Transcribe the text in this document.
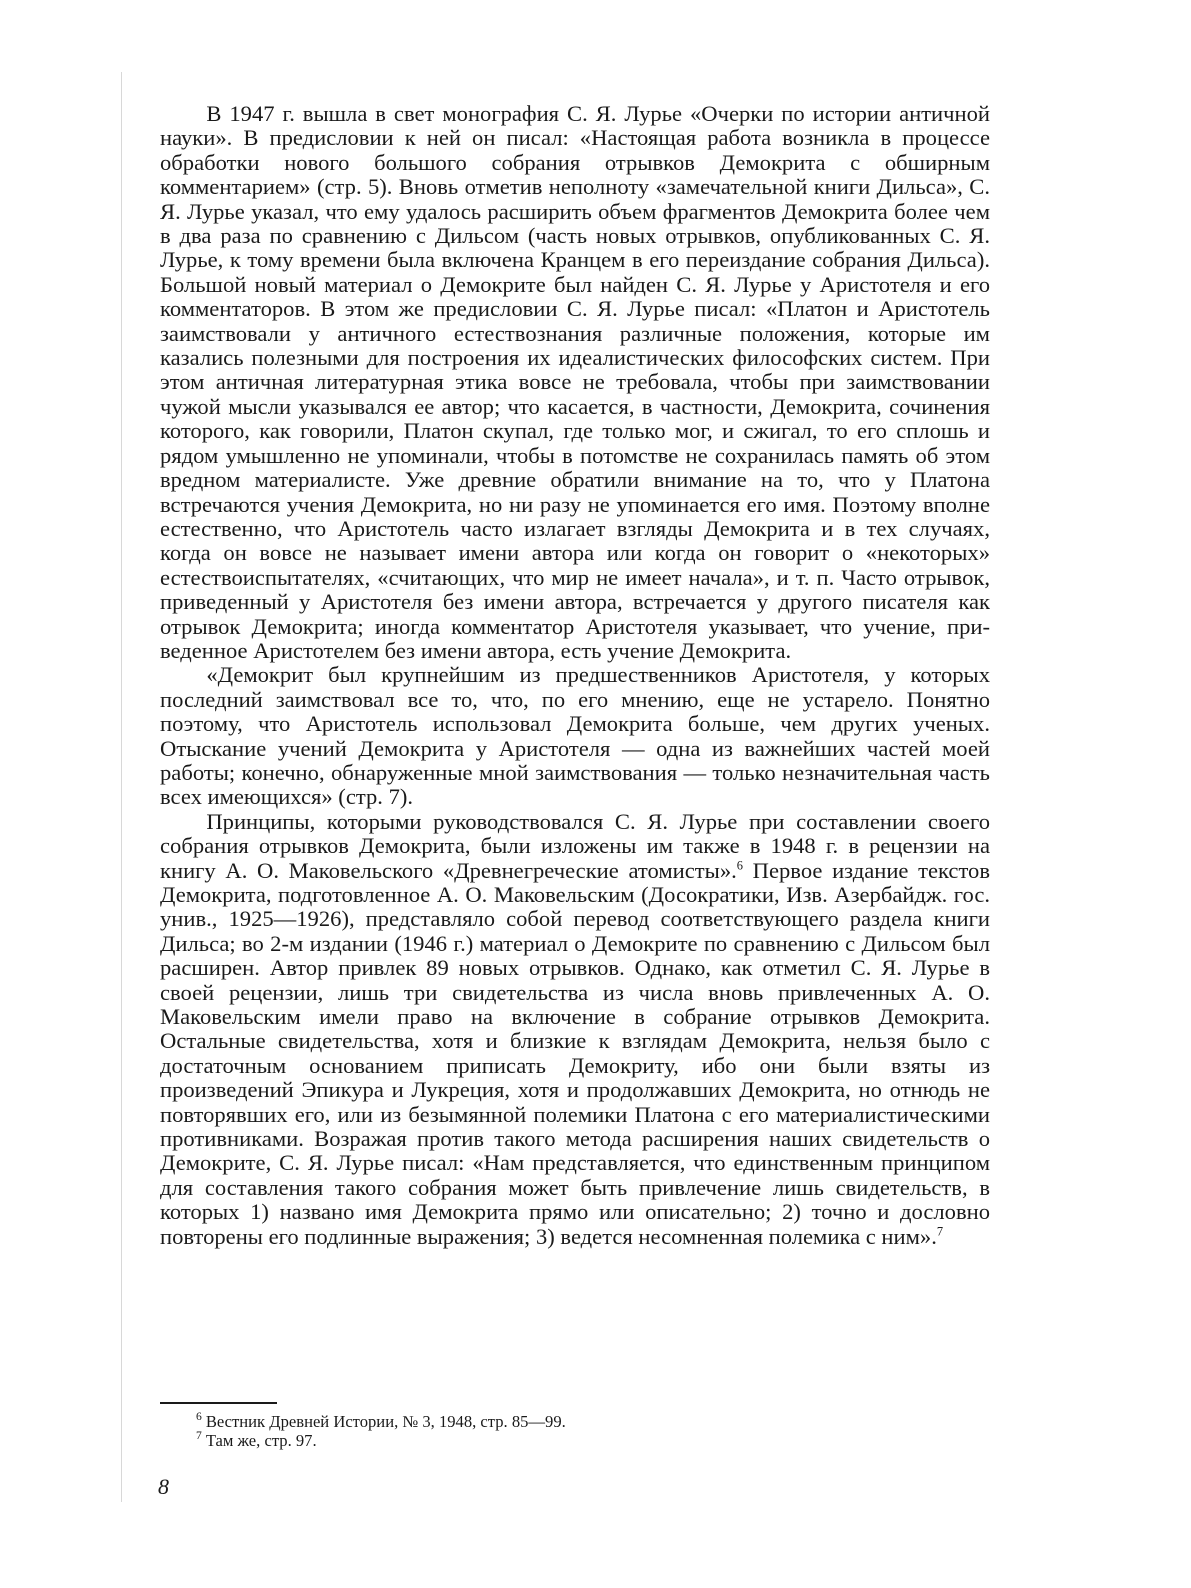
В 1947 г. вышла в свет монография С. Я. Лурье «Очерки по истории античной науки». В предисловии к ней он писал: «Настоящая работа возникла в процессе обработки нового большого собрания отрывков Демокрита с обширным комментарием» (стр. 5). Вновь отметив неполноту «замечательной книги Дильса», С. Я. Лурье указал, что ему удалось расширить объем фрагментов Демокрита более чем в два раза по сравнению с Дильсом (часть новых отрывков, опубликованных С. Я. Лурье, к тому времени была включена Кранцем в его переиздание собрания Дильса). Большой новый материал о Демокрите был найден С. Я. Лурье у Аристотеля и его комментаторов. В этом же предисловии С. Я. Лурье писал: «Платон и Аристотель заимствовали у античного естествознания различные положения, которые им казались полезными для построения их идеалистических философских систем. При этом античная литературная этика вовсе не требовала, чтобы при заимствовании чужой мысли указывался ее автор; что касается, в частности, Демокрита, сочинения которого, как говорили, Платон скупал, где только мог, и сжигал, то его сплошь и рядом умышленно не упоминали, чтобы в потомстве не сохранилась память об этом вредном материалисте. Уже древние обратили внимание на то, что у Платона встречаются учения Демокрита, но ни разу не упоминается его имя. Поэтому вполне естественно, что Аристотель часто излагает взгляды Демокрита и в тех случаях, когда он вовсе не называет имени автора или когда он говорит о «некоторых» естествоиспытателях, «считающих, что мир не имеет начала», и т. п. Часто отрывок, приведенный у Аристотеля без имени автора, встречается у другого писателя как отрывок Демокрита; иногда комментатор Аристотеля указывает, что учение, приведенное Аристотелем без имени автора, есть учение Демокрита.

«Демокрит был крупнейшим из предшественников Аристотеля, у которых последний заимствовал все то, что, по его мнению, еще не устарело. Понятно поэтому, что Аристотель использовал Демокрита больше, чем других ученых. Отыскание учений Демокрита у Аристотеля — одна из важнейших частей моей работы; конечно, обнаруженные мной заимствования — только незначительная часть всех имеющихся» (стр. 7).

Принципы, которыми руководствовался С. Я. Лурье при составлении своего собрания отрывков Демокрита, были изложены им также в 1948 г. в рецензии на книгу А. О. Маковельского «Древнегреческие атомисты».$^6$ Первое издание текстов Демокрита, подготовленное А. О. Маковельским (Досократики, Изв. Азербайдж. гос. унив., 1925—1926), представляло собой перевод соответствующего раздела книги Дильса; во 2-м издании (1946 г.) материал о Демокрите по сравнению с Дильсом был расширен. Автор привлек 89 новых отрывков. Однако, как отметил С. Я. Лурье в своей рецензии, лишь три свидетельства из числа вновь привлеченных А. О. Маковельским имели право на включение в собрание отрывков Демокрита. Остальные свидетельства, хотя и близкие к взглядам Демокрита, нельзя было с достаточным основанием приписать Демокриту, ибо они были взяты из произведений Эпикура и Лукреция, хотя и продолжавших Демокрита, но отнюдь не повторявших его, или из безымянной полемики Платона с его материалистическими противниками. Возражая против такого метода расширения наших свидетельств о Демокрите, С. Я. Лурье писал: «Нам представляется, что единственным принципом для составления такого собрания может быть привлечение лишь свидетельств, в которых 1) названо имя Демокрита прямо или описательно; 2) точно и дословно повторены его подлинные выражения; 3) ведется несомненная полемика с ним».$^7$

$^6$ Вестник Древней Истории, № 3, 1948, стр. 85—99.

$^7$ Там же, стр. 97.

8
